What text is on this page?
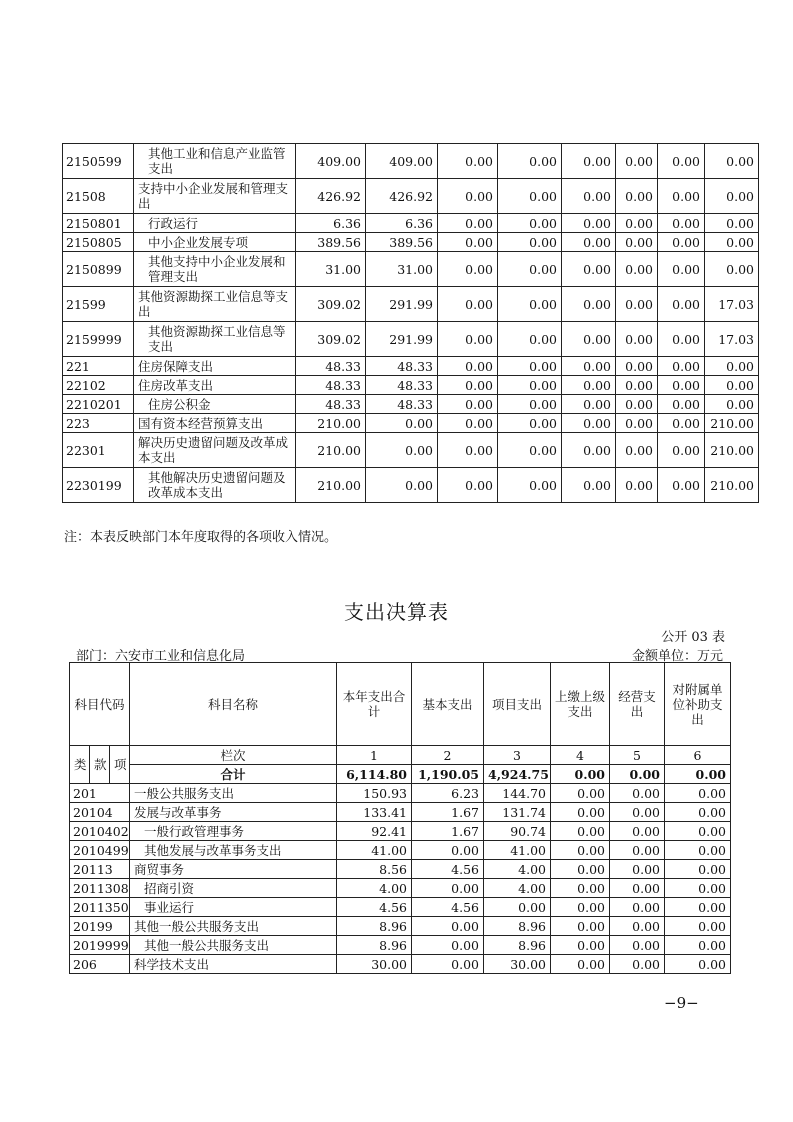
2150599	其他工业和信息产业监管支出	409.00	409.00	0.00	0.00	0.00	0.00	0.00	0.00
21508	支持中小企业发展和管理支出	426.92	426.92	0.00	0.00	0.00	0.00	0.00	0.00
2150801	行政运行	6.36	6.36	0.00	0.00	0.00	0.00	0.00	0.00
2150805	中小企业发展专项	389.56	389.56	0.00	0.00	0.00	0.00	0.00	0.00
2150899	其他支持中小企业发展和管理支出	31.00	31.00	0.00	0.00	0.00	0.00	0.00	0.00
21599	其他资源勘探工业信息等支出	309.02	291.99	0.00	0.00	0.00	0.00	0.00	17.03
2159999	其他资源勘探工业信息等支出	309.02	291.99	0.00	0.00	0.00	0.00	0.00	17.03
221	住房保障支出	48.33	48.33	0.00	0.00	0.00	0.00	0.00	0.00
22102	住房改革支出	48.33	48.33	0.00	0.00	0.00	0.00	0.00	0.00
2210201	住房公积金	48.33	48.33	0.00	0.00	0.00	0.00	0.00	0.00
223	国有资本经营预算支出	210.00	0.00	0.00	0.00	0.00	0.00	0.00	210.00
22301	解决历史遗留问题及改革成本支出	210.00	0.00	0.00	0.00	0.00	0.00	0.00	210.00
2230199	其他解决历史遗留问题及改革成本支出	210.00	0.00	0.00	0.00	0.00	0.00	0.00	210.00
注：本表反映部门本年度取得的各项收入情况。
支出决算表
公开 03 表
部门：六安市工业和信息化局	金额单位：万元
科目代码			科目名称	本年支出合计	基本支出	项目支出	上缴上级支出	经营支出	对附属单位补助支出
类	款	项	栏次	1	2	3	4	5	6
			合计	6,114.80	1,190.05	4,924.75	0.00	0.00	0.00
201			一般公共服务支出	150.93	6.23	144.70	0.00	0.00	0.00
20104			发展与改革事务	133.41	1.67	131.74	0.00	0.00	0.00
2010402			一般行政管理事务	92.41	1.67	90.74	0.00	0.00	0.00
2010499			其他发展与改革事务支出	41.00	0.00	41.00	0.00	0.00	0.00
20113			商贸事务	8.56	4.56	4.00	0.00	0.00	0.00
2011308			招商引资	4.00	0.00	4.00	0.00	0.00	0.00
2011350			事业运行	4.56	4.56	0.00	0.00	0.00	0.00
20199			其他一般公共服务支出	8.96	0.00	8.96	0.00	0.00	0.00
2019999			其他一般公共服务支出	8.96	0.00	8.96	0.00	0.00	0.00
206			科学技术支出	30.00	0.00	30.00	0.00	0.00	0.00
−9−
